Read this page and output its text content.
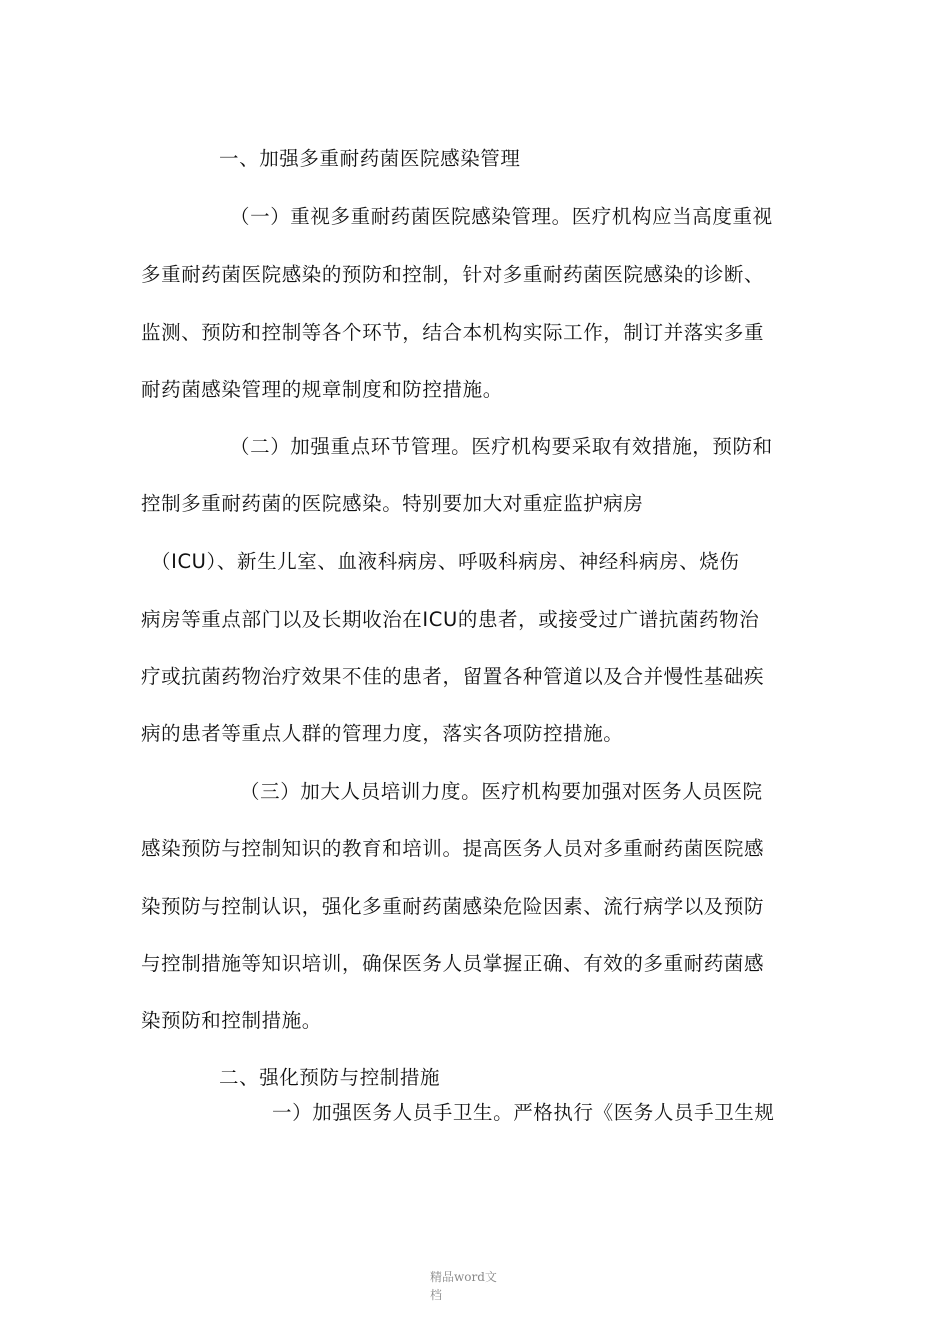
一、加强多重耐药菌医院感染管理
（一）重视多重耐药菌医院感染管理。医疗机构应当高度重视
多重耐药菌医院感染的预防和控制，针对多重耐药菌医院感染的诊断、
监测、预防和控制等各个环节，结合本机构实际工作，制订并落实多重
耐药菌感染管理的规章制度和防控措施。
（二）加强重点环节管理。医疗机构要采取有效措施，预防和
控制多重耐药菌的医院感染。特别要加大对重症监护病房
（ICU）、新生儿室、血液科病房、呼吸科病房、神经科病房、烧伤
病房等重点部门以及长期收治在ICU的患者，或接受过广谱抗菌药物治
疗或抗菌药物治疗效果不佳的患者，留置各种管道以及合并慢性基础疾
病的患者等重点人群的管理力度，落实各项防控措施。
（三）加大人员培训力度。医疗机构要加强对医务人员医院
感染预防与控制知识的教育和培训。提高医务人员对多重耐药菌医院感
染预防与控制认识，强化多重耐药菌感染危险因素、流行病学以及预防
与控制措施等知识培训，确保医务人员掌握正确、有效的多重耐药菌感
染预防和控制措施。
二、强化预防与控制措施
一）加强医务人员手卫生。严格执行《医务人员手卫生规
精品word文
档
